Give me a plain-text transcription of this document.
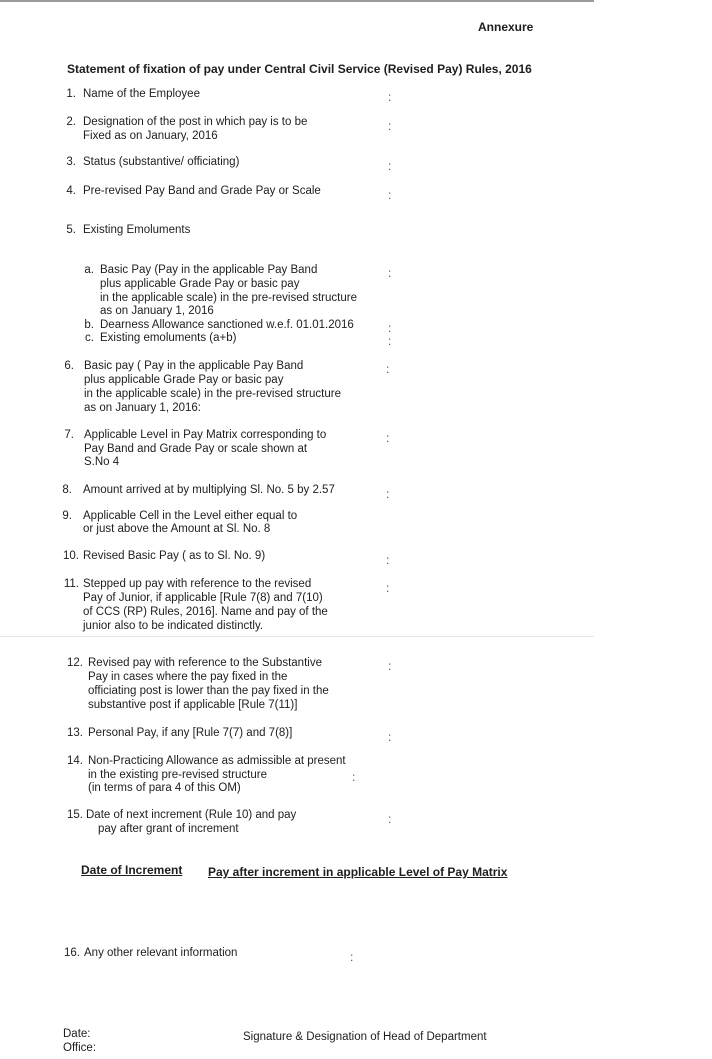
Annexure
Statement of fixation of pay under Central Civil Service (Revised Pay) Rules, 2016
1. Name of the Employee	:
2. Designation of the post in which pay is to be
Fixed as on January, 2016
:
3. Status (substantive/ officiating)	:
4. Pre-revised Pay Band and Grade Pay or Scale	:
5. Existing Emoluments
a. Basic Pay (Pay in the applicable Pay Band
plus applicable Grade Pay or basic pay
in the applicable scale) in the pre-revised structure
as on January 1, 2016
:
b. Dearness Allowance sanctioned w.e.f. 01.01.2016	:
c. Existing emoluments (a+b)	:
6. Basic pay ( Pay in the applicable Pay Band
plus applicable Grade Pay or basic pay
in the applicable scale) in the pre-revised structure
as on January 1, 2016:
:
7. Applicable Level in Pay Matrix corresponding to
Pay Band and Grade Pay or scale shown at
S.No 4
:
8. Amount arrived at by multiplying Sl. No. 5 by 2.57	:
9. Applicable Cell in the Level either equal to
or just above the Amount at Sl. No. 8
10. Revised Basic Pay ( as to Sl. No. 9)	:
11. Stepped up pay with reference to the revised
Pay of Junior, if applicable [Rule 7(8) and 7(10)
of CCS (RP) Rules, 2016]. Name and pay of the
junior also to be indicated distinctly.
:
12. Revised pay with reference to the Substantive
Pay in cases where the pay fixed in the
officiating post is lower than the pay fixed in the
substantive post if applicable [Rule 7(11)]
:
13. Personal Pay, if any [Rule 7(7) and 7(8)]	:
14. Non-Practicing Allowance as admissible at present
in the existing pre-revised structure
(in terms of para 4 of this OM)
:
15. Date of next increment (Rule 10) and pay
pay after grant of increment
:
Date of Increment Pay after increment in applicable Level of Pay Matrix
16. Any other relevant information	:
Date:
Office:
Signature & Designation of Head of Department
